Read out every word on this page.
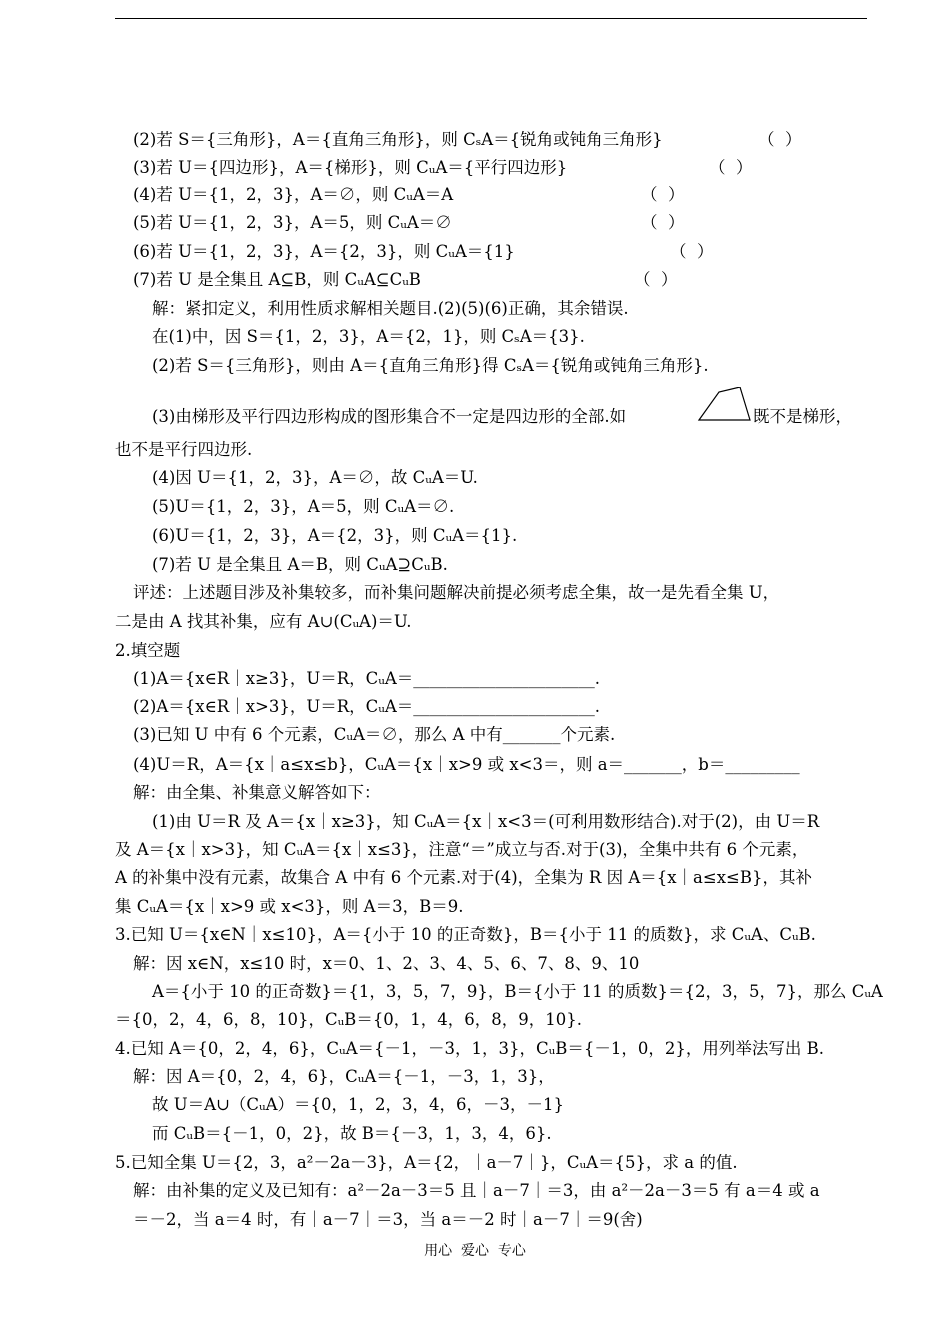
(2)若 S＝{三角形}，A＝{直角三角形}，则 CₛA＝{锐角或钝角三角形}	（  ）
(3)若 U＝{四边形}，A＝{梯形}，则 CᵤA＝{平行四边形}	（  ）
(4)若 U＝{1，2，3}，A＝∅，则 CᵤA＝A	（  ）
(5)若 U＝{1，2，3}，A＝5，则 CᵤA＝∅	（  ）
(6)若 U＝{1，2，3}，A＝{2，3}，则 CᵤA＝{1}	（  ）
(7)若 U 是全集且 A⊆B，则 CᵤA⊆CᵤB	（  ）
解：紧扣定义，利用性质求解相关题目.(2)(5)(6)正确，其余错误.
在(1)中，因 S＝{1，2，3}，A＝{2，1}，则 CₛA＝{3}.
(2)若 S＝{三角形}，则由 A＝{直角三角形}得 CₛA＝{锐角或钝角三角形}.
(3)由梯形及平行四边形构成的图形集合不一定是四边形的全部.如	既不是梯形，
也不是平行四边形.
(4)因 U＝{1，2，3}，A＝∅，故 CᵤA＝U.
(5)U＝{1，2，3}，A＝5，则 CᵤA＝∅.
(6)U＝{1，2，3}，A＝{2，3}，则 CᵤA＝{1}.
(7)若 U 是全集且 A＝B，则 CᵤA⊇CᵤB.
评述：上述题目涉及补集较多，而补集问题解决前提必须考虑全集，故一是先看全集 U，
二是由 A 找其补集，应有 A∪(CᵤA)＝U.
2.填空题
(1)A＝{x∈R｜x≥3}，U＝R，CᵤA＝______________________.
(2)A＝{x∈R｜x>3}，U＝R，CᵤA＝______________________.
(3)已知 U 中有 6 个元素，CᵤA＝∅，那么 A 中有_______个元素.
(4)U＝R，A＝{x｜a≤x≤b}，CᵤA＝{x｜x>9 或 x<3＝，则 a＝_______，b＝_________
解：由全集、补集意义解答如下：
(1)由 U＝R 及 A＝{x｜x≥3}，知 CᵤA＝{x｜x<3＝(可利用数形结合).对于(2)，由 U＝R
及 A＝{x｜x>3}，知 CᵤA＝{x｜x≤3}，注意“＝”成立与否.对于(3)，全集中共有 6 个元素，
A 的补集中没有元素，故集合 A 中有 6 个元素.对于(4)，全集为 R 因 A＝{x｜a≤x≤B}，其补
集 CᵤA＝{x｜x>9 或 x<3}，则 A＝3，B＝9.
3.已知 U＝{x∈N｜x≤10}，A＝{小于 10 的正奇数}，B＝{小于 11 的质数}，求 CᵤA、CᵤB.
解：因 x∈N，x≤10 时，x＝0、1、2、3、4、5、6、7、8、9、10
A＝{小于 10 的正奇数}＝{1，3，5，7，9}，B＝{小于 11 的质数}＝{2，3，5，7}，那么 CᵤA
＝{0，2，4，6，8，10}，CᵤB＝{0，1，4，6，8，9，10}.
4.已知 A＝{0，2，4，6}，CᵤA＝{－1，－3，1，3}，CᵤB＝{－1，0，2}，用列举法写出 B.
解：因 A＝{0，2，4，6}，CᵤA＝{－1，－3，1，3}，
故 U＝A∪（CᵤA）＝{0，1，2，3，4，6，－3，－1}
而 CᵤB＝{－1，0，2}，故 B＝{－3，1，3，4，6}.
5.已知全集 U＝{2，3，a²－2a－3}，A＝{2，｜a－7｜}，CᵤA＝{5}，求 a 的值.
解：由补集的定义及已知有：a²－2a－3＝5 且｜a－7｜＝3，由 a²－2a－3＝5 有 a＝4 或 a
＝－2，当 a＝4 时，有｜a－7｜＝3，当 a＝－2 时｜a－7｜＝9(舍)
用心  爱心  专心
